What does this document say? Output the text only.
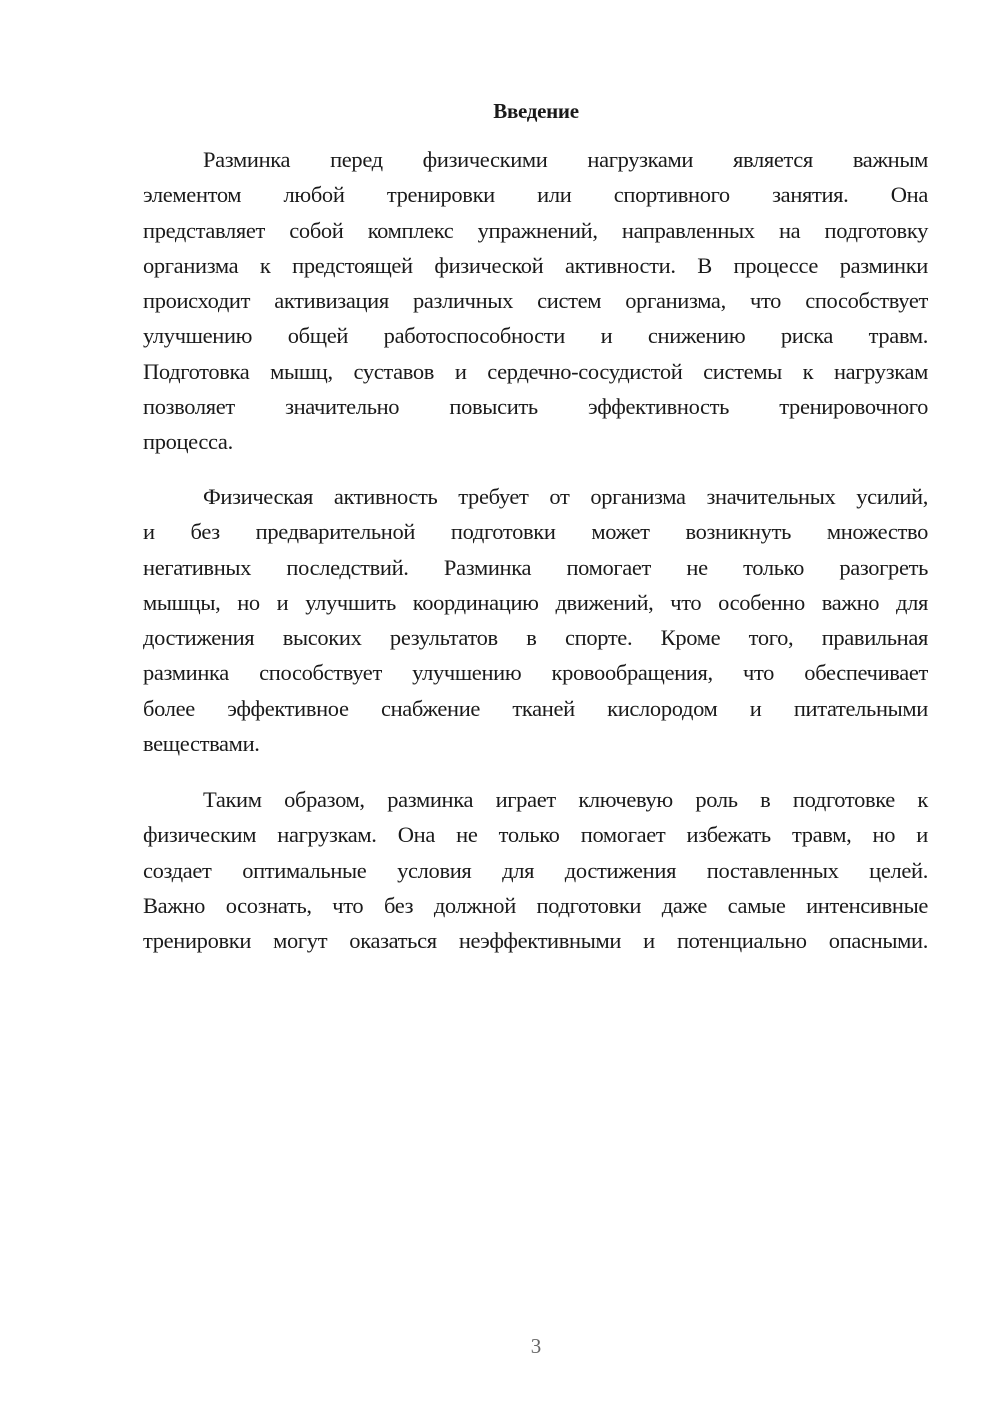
Введение
Разминка перед физическими нагрузками является важным
элементом любой тренировки или спортивного занятия. Она
представляет собой комплекс упражнений, направленных на подготовку
организма к предстоящей физической активности. В процессе разминки
происходит активизация различных систем организма, что способствует
улучшению общей работоспособности и снижению риска травм.
Подготовка мышц, суставов и сердечно-сосудистой системы к нагрузкам
позволяет значительно повысить эффективность тренировочного
процесса.
Физическая активность требует от организма значительных усилий,
и без предварительной подготовки может возникнуть множество
негативных последствий. Разминка помогает не только разогреть
мышцы, но и улучшить координацию движений, что особенно важно для
достижения высоких результатов в спорте. Кроме того, правильная
разминка способствует улучшению кровообращения, что обеспечивает
более эффективное снабжение тканей кислородом и питательными
веществами.
Таким образом, разминка играет ключевую роль в подготовке к
физическим нагрузкам. Она не только помогает избежать травм, но и
создает оптимальные условия для достижения поставленных целей.
Важно осознать, что без должной подготовки даже самые интенсивные
тренировки могут оказаться неэффективными и потенциально опасными.
3
